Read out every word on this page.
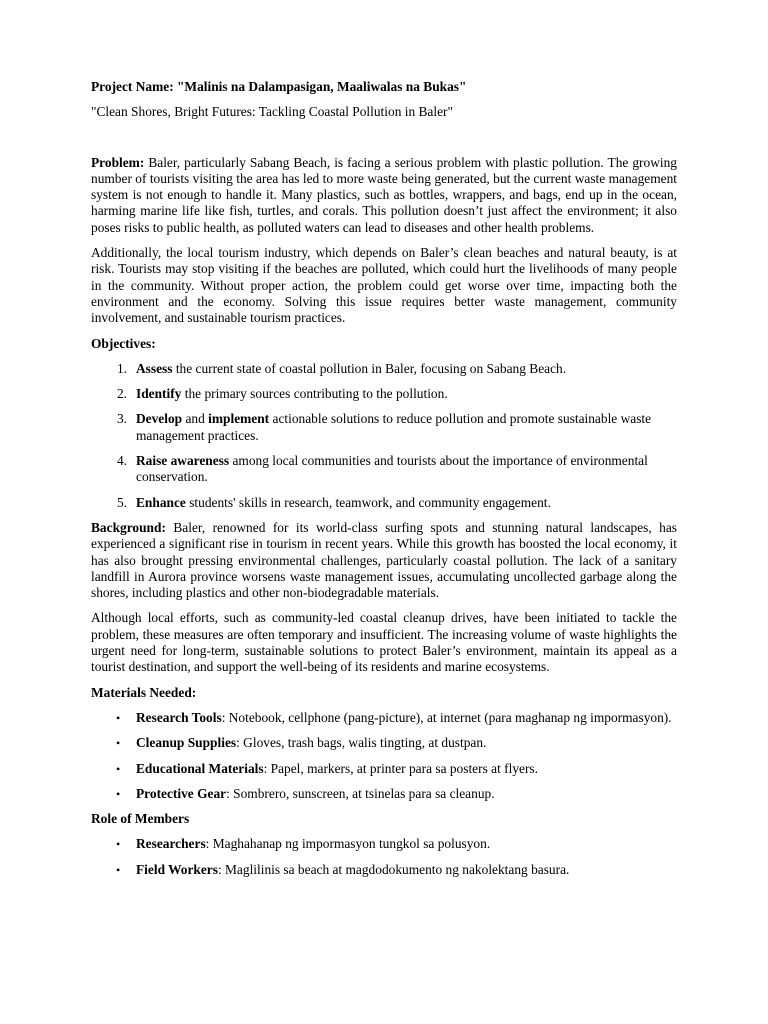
Project Name: "Malinis na Dalampasigan, Maaliwalas na Bukas"

"Clean Shores, Bright Futures: Tackling Coastal Pollution in Baler"

Problem: Baler, particularly Sabang Beach, is facing a serious problem with plastic pollution. The growing number of tourists visiting the area has led to more waste being generated, but the current waste management system is not enough to handle it. Many plastics, such as bottles, wrappers, and bags, end up in the ocean, harming marine life like fish, turtles, and corals. This pollution doesn’t just affect the environment; it also poses risks to public health, as polluted waters can lead to diseases and other health problems.

Additionally, the local tourism industry, which depends on Baler’s clean beaches and natural beauty, is at risk. Tourists may stop visiting if the beaches are polluted, which could hurt the livelihoods of many people in the community. Without proper action, the problem could get worse over time, impacting both the environment and the economy. Solving this issue requires better waste management, community involvement, and sustainable tourism practices.

Objectives:

1. Assess the current state of coastal pollution in Baler, focusing on Sabang Beach.
2. Identify the primary sources contributing to the pollution.
3. Develop and implement actionable solutions to reduce pollution and promote sustainable waste management practices.
4. Raise awareness among local communities and tourists about the importance of environmental conservation.
5. Enhance students' skills in research, teamwork, and community engagement.

Background: Baler, renowned for its world-class surfing spots and stunning natural landscapes, has experienced a significant rise in tourism in recent years. While this growth has boosted the local economy, it has also brought pressing environmental challenges, particularly coastal pollution. The lack of a sanitary landfill in Aurora province worsens waste management issues, accumulating uncollected garbage along the shores, including plastics and other non-biodegradable materials.

Although local efforts, such as community-led coastal cleanup drives, have been initiated to tackle the problem, these measures are often temporary and insufficient. The increasing volume of waste highlights the urgent need for long-term, sustainable solutions to protect Baler’s environment, maintain its appeal as a tourist destination, and support the well-being of its residents and marine ecosystems.

Materials Needed:

• Research Tools: Notebook, cellphone (pang-picture), at internet (para maghanap ng impormasyon).
• Cleanup Supplies: Gloves, trash bags, walis tingting, at dustpan.
• Educational Materials: Papel, markers, at printer para sa posters at flyers.
• Protective Gear: Sombrero, sunscreen, at tsinelas para sa cleanup.

Role of Members

• Researchers: Maghahanap ng impormasyon tungkol sa polusyon.
• Field Workers: Maglilinis sa beach at magdodokumento ng nakolektang basura.
